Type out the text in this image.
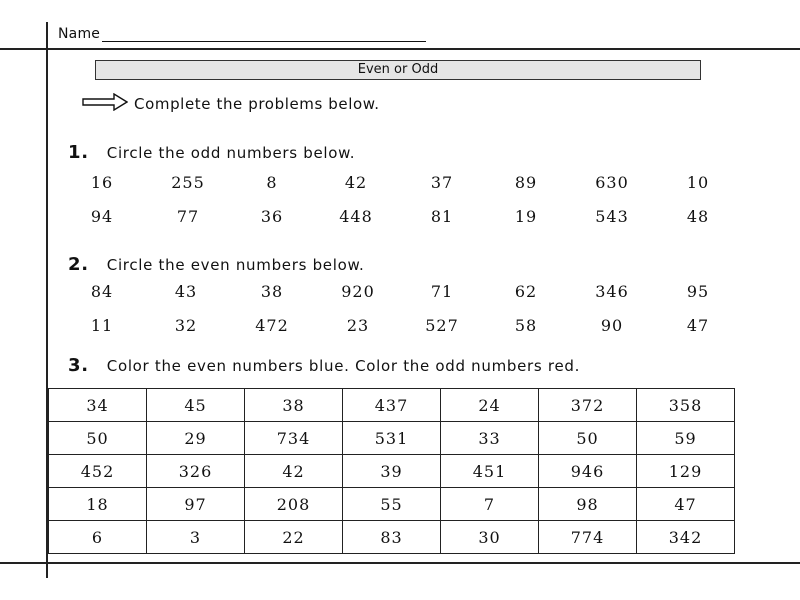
Name
Even or Odd
Complete the problems below.
1. Circle the odd numbers below.
16	255	8	42	37	89	630	10
94	77	36	448	81	19	543	48
2. Circle the even numbers below.
84	43	38	920	71	62	346	95
11	32	472	23	527	58	90	47
3. Color the even numbers blue. Color the odd numbers red.
34	45	38	437	24	372	358
50	29	734	531	33	50	59
452	326	42	39	451	946	129
18	97	208	55	7	98	47
6	3	22	83	30	774	342
